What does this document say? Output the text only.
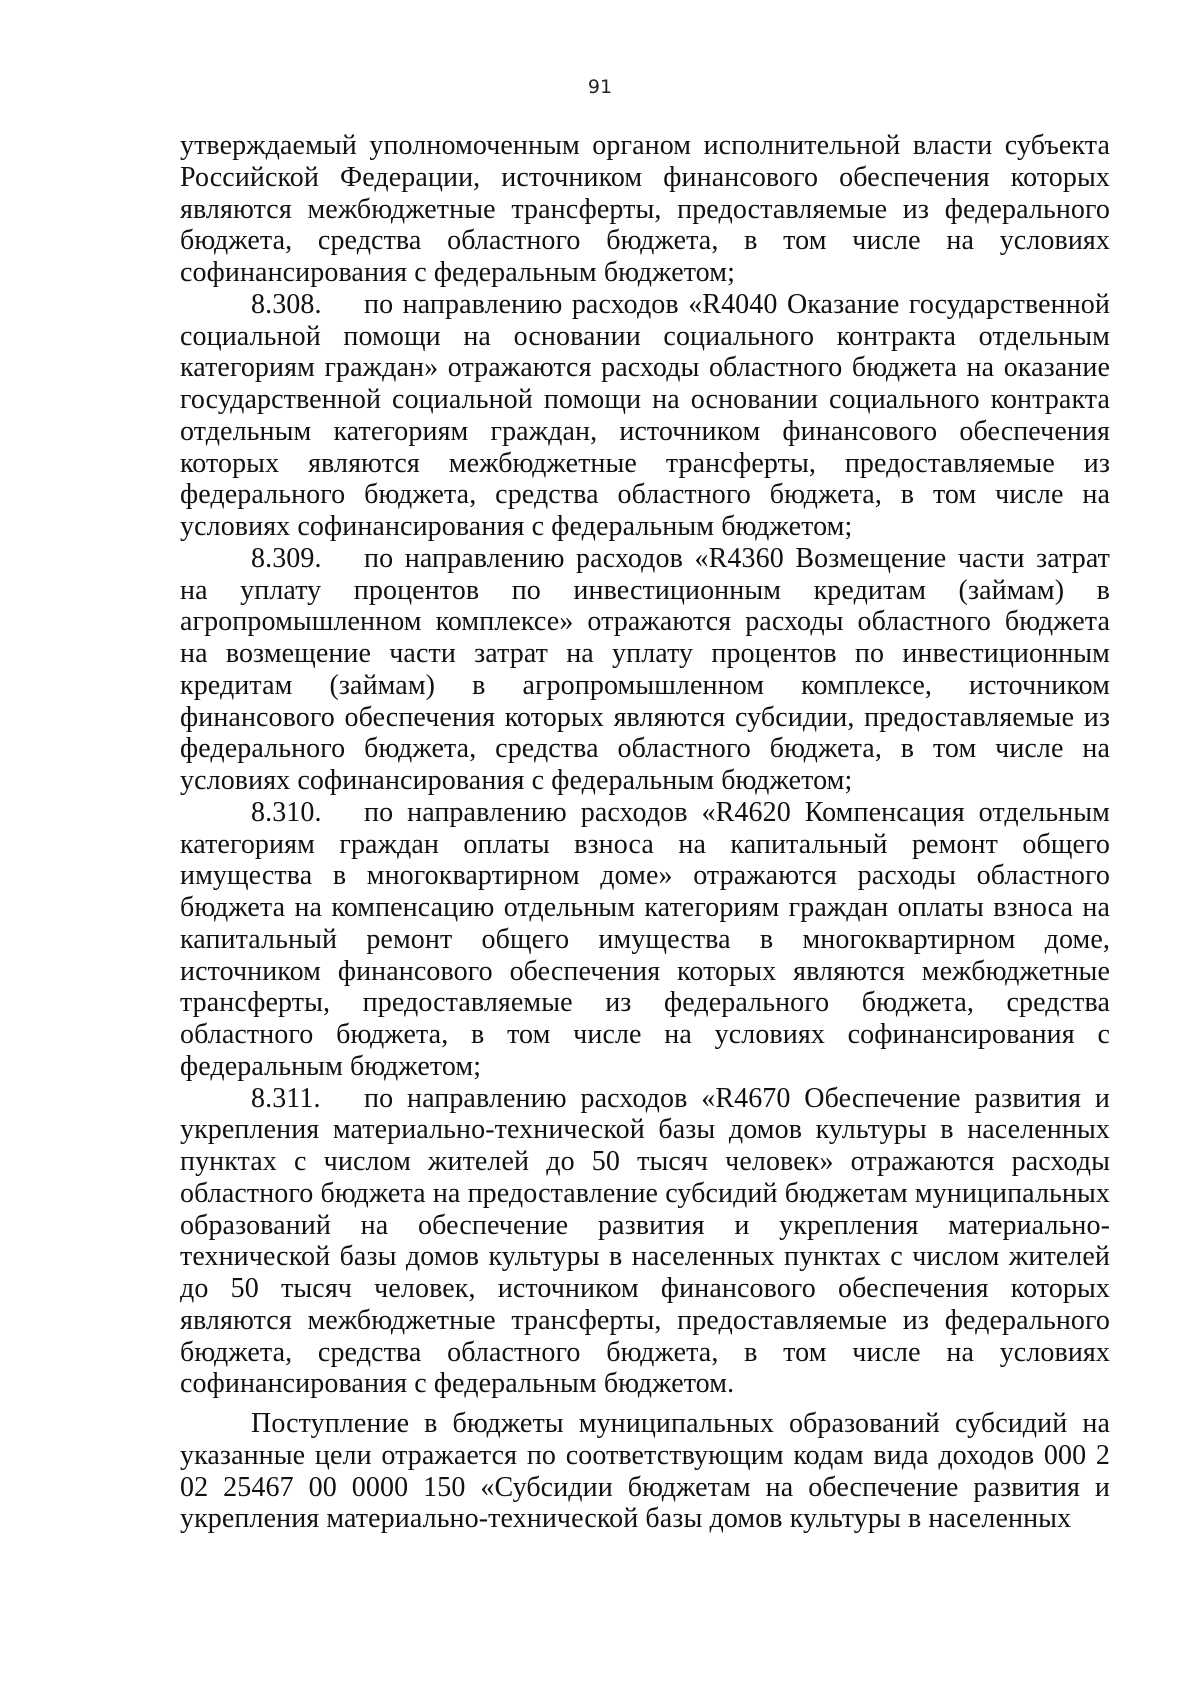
91

утверждаемый уполномоченным органом исполнительной власти субъекта Российской Федерации, источником финансового обеспечения которых являются межбюджетные трансферты, предоставляемые из федерального бюджета, средства областного бюджета, в том числе на условиях софинансирования с федеральным бюджетом;

8.308. по направлению расходов «R4040 Оказание государственной социальной помощи на основании социального контракта отдельным категориям граждан» отражаются расходы областного бюджета на оказание государственной социальной помощи на основании социального контракта отдельным категориям граждан, источником финансового обеспечения которых являются межбюджетные трансферты, предоставляемые из федерального бюджета, средства областного бюджета, в том числе на условиях софинансирования с федеральным бюджетом;

8.309. по направлению расходов «R4360 Возмещение части затрат на уплату процентов по инвестиционным кредитам (займам) в агропромышленном комплексе» отражаются расходы областного бюджета на возмещение части затрат на уплату процентов по инвестиционным кредитам (займам) в агропромышленном комплексе, источником финансового обеспечения которых являются субсидии, предоставляемые из федерального бюджета, средства областного бюджета, в том числе на условиях софинансирования с федеральным бюджетом;

8.310. по направлению расходов «R4620 Компенсация отдельным категориям граждан оплаты взноса на капитальный ремонт общего имущества в многоквартирном доме» отражаются расходы областного бюджета на компенсацию отдельным категориям граждан оплаты взноса на капитальный ремонт общего имущества в многоквартирном доме, источником финансового обеспечения которых являются межбюджетные трансферты, предоставляемые из федерального бюджета, средства областного бюджета, в том числе на условиях софинансирования с федеральным бюджетом;

8.311. по направлению расходов «R4670 Обеспечение развития и укрепления материально-технической базы домов культуры в населенных пунктах с числом жителей до 50 тысяч человек» отражаются расходы областного бюджета на предоставление субсидий бюджетам муниципальных образований на обеспечение развития и укрепления материально-технической базы домов культуры в населенных пунктах с числом жителей до 50 тысяч человек, источником финансового обеспечения которых являются межбюджетные трансферты, предоставляемые из федерального бюджета, средства областного бюджета, в том числе на условиях софинансирования с федеральным бюджетом.

Поступление в бюджеты муниципальных образований субсидий на указанные цели отражается по соответствующим кодам вида доходов 000 2 02 25467 00 0000 150 «Субсидии бюджетам на обеспечение развития и укрепления материально-технической базы домов культуры в населенных
